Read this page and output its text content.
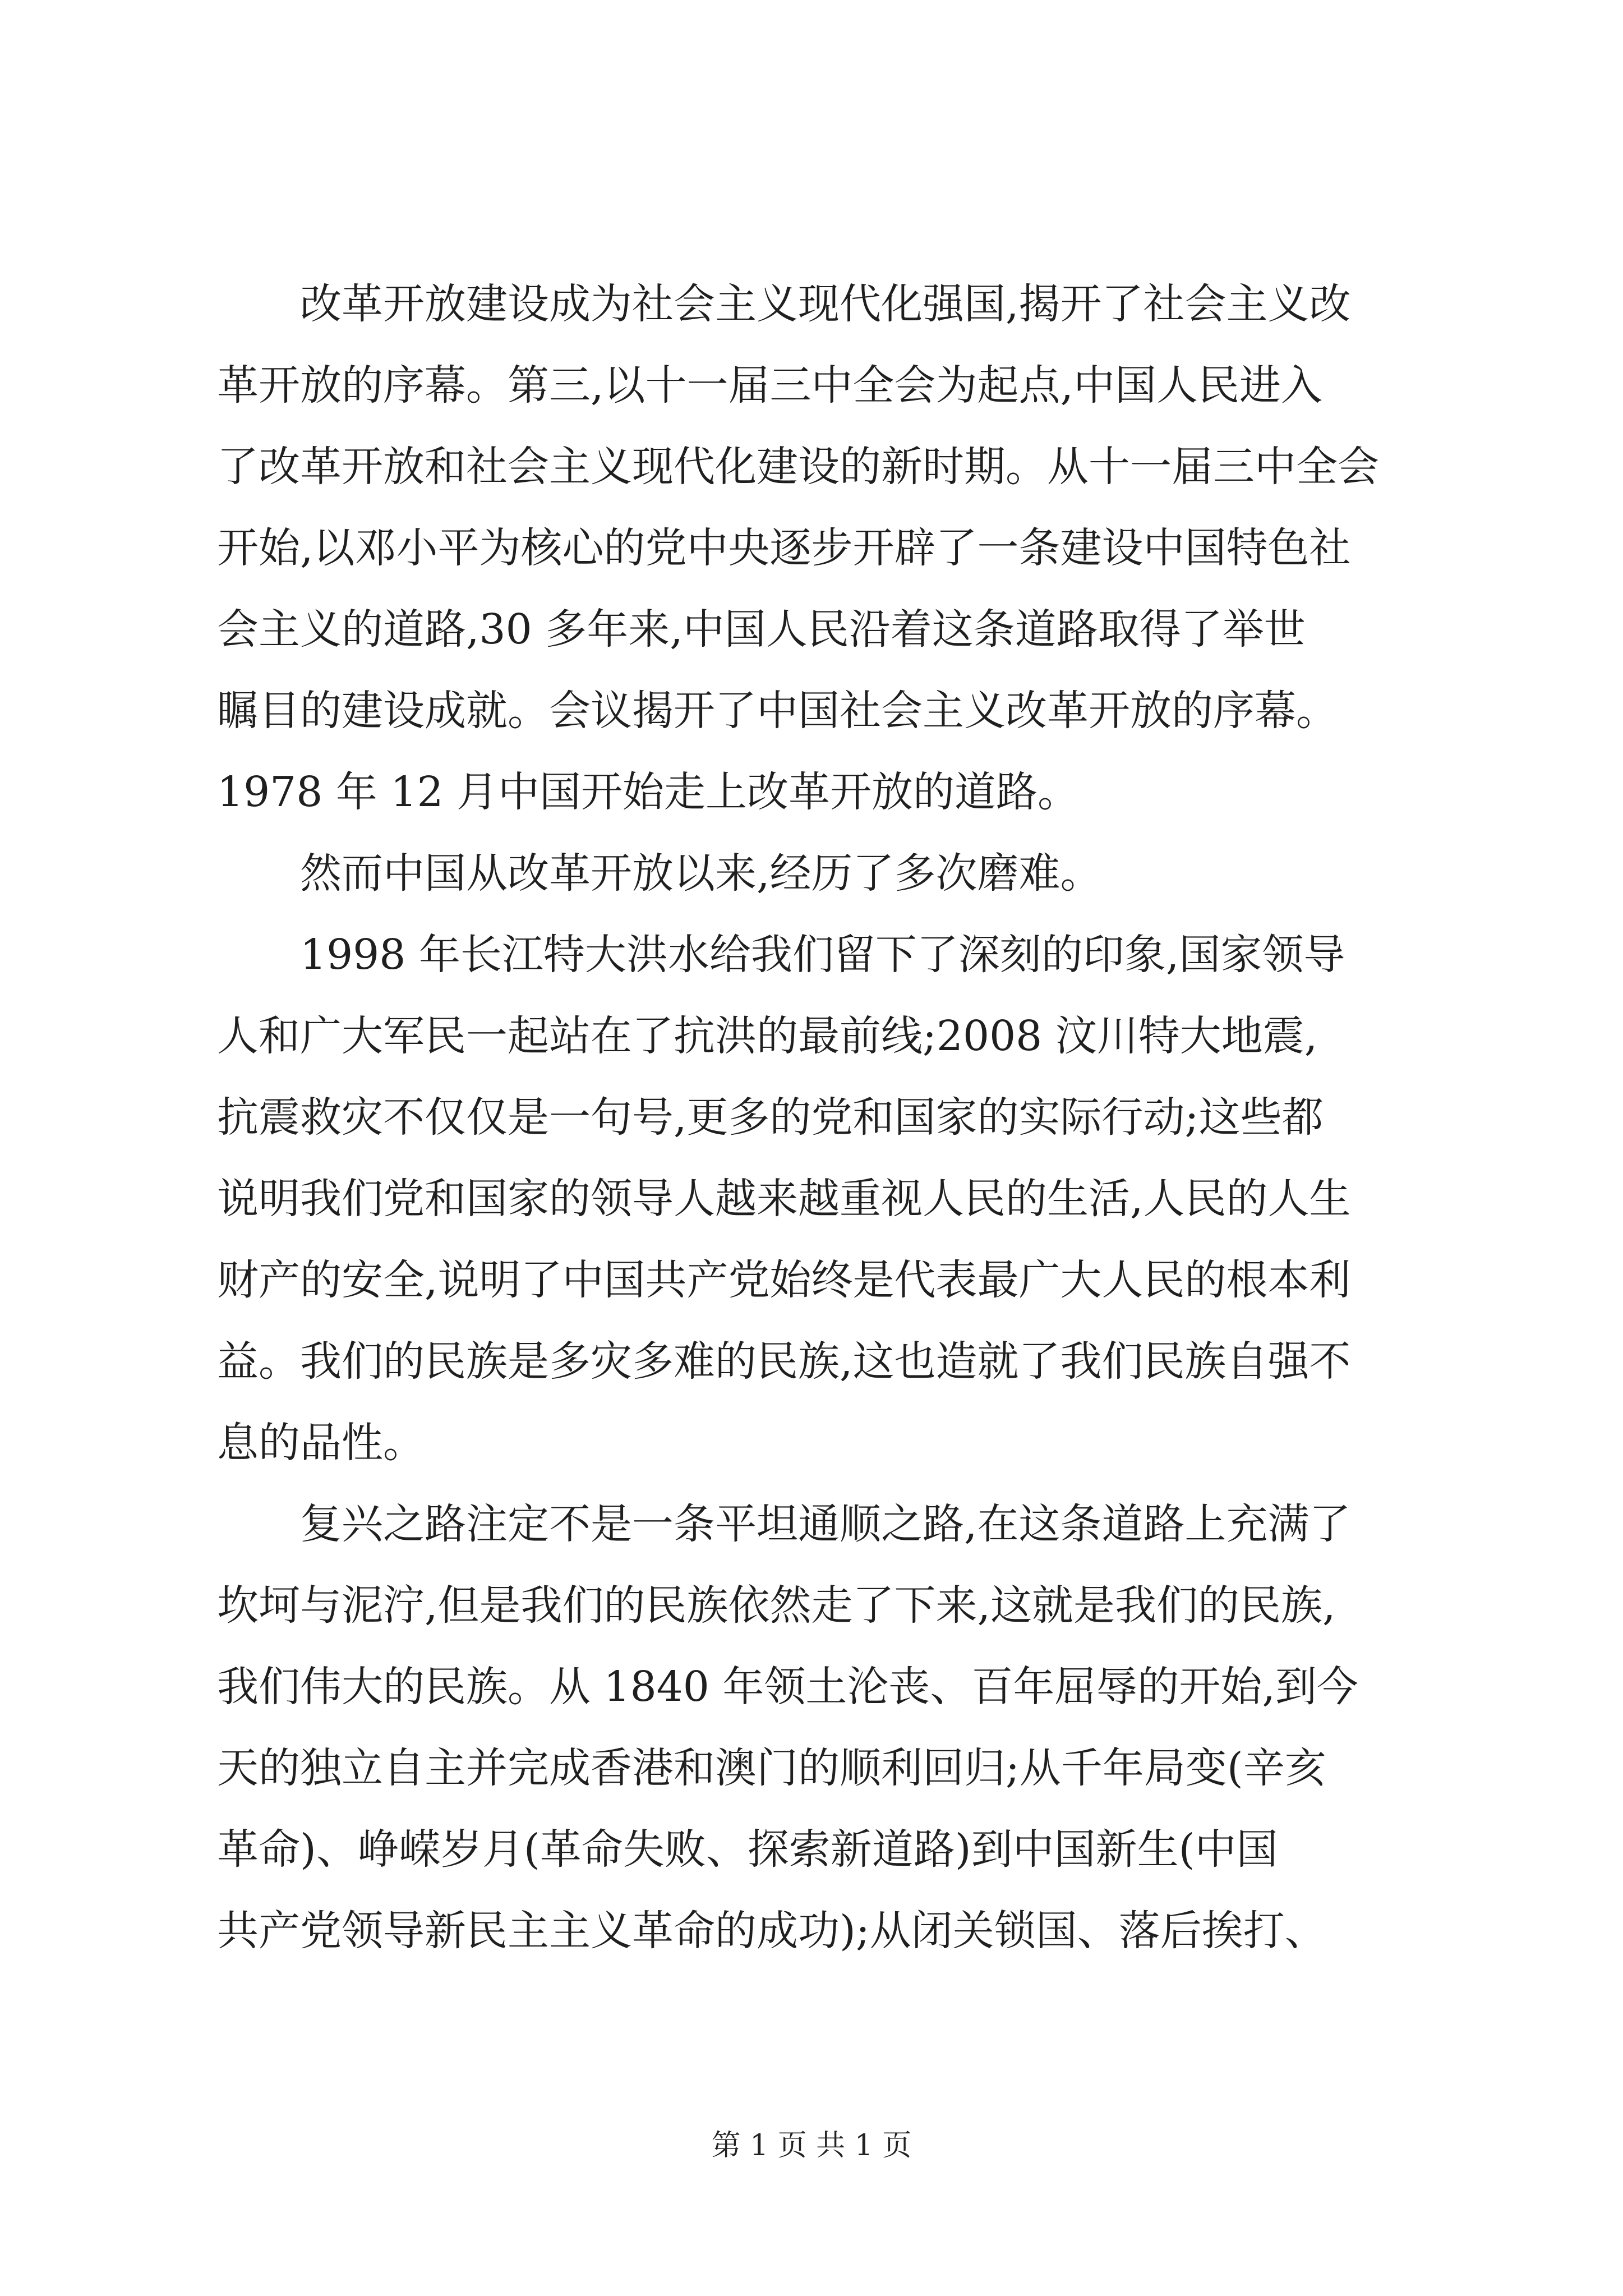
改革开放建设成为社会主义现代化强国,揭开了社会主义改
革开放的序幕。第三,以十一届三中全会为起点,中国人民进入
了改革开放和社会主义现代化建设的新时期。从十一届三中全会
开始,以邓小平为核心的党中央逐步开辟了一条建设中国特色社
会主义的道路,30 多年来,中国人民沿着这条道路取得了举世
瞩目的建设成就。会议揭开了中国社会主义改革开放的序幕。
1978 年 12 月中国开始走上改革开放的道路。
然而中国从改革开放以来,经历了多次磨难。
1998 年长江特大洪水给我们留下了深刻的印象,国家领导
人和广大军民一起站在了抗洪的最前线;2008 汶川特大地震,
抗震救灾不仅仅是一句号,更多的党和国家的实际行动;这些都
说明我们党和国家的领导人越来越重视人民的生活,人民的人生
财产的安全,说明了中国共产党始终是代表最广大人民的根本利
益。我们的民族是多灾多难的民族,这也造就了我们民族自强不
息的品性。
复兴之路注定不是一条平坦通顺之路,在这条道路上充满了
坎坷与泥泞,但是我们的民族依然走了下来,这就是我们的民族,
我们伟大的民族。从 1840 年领土沦丧、百年屈辱的开始,到今
天的独立自主并完成香港和澳门的顺利回归;从千年局变(辛亥
革命)、峥嵘岁月(革命失败、探索新道路)到中国新生(中国
共产党领导新民主主义革命的成功);从闭关锁国、落后挨打、
第 1 页 共 1 页
